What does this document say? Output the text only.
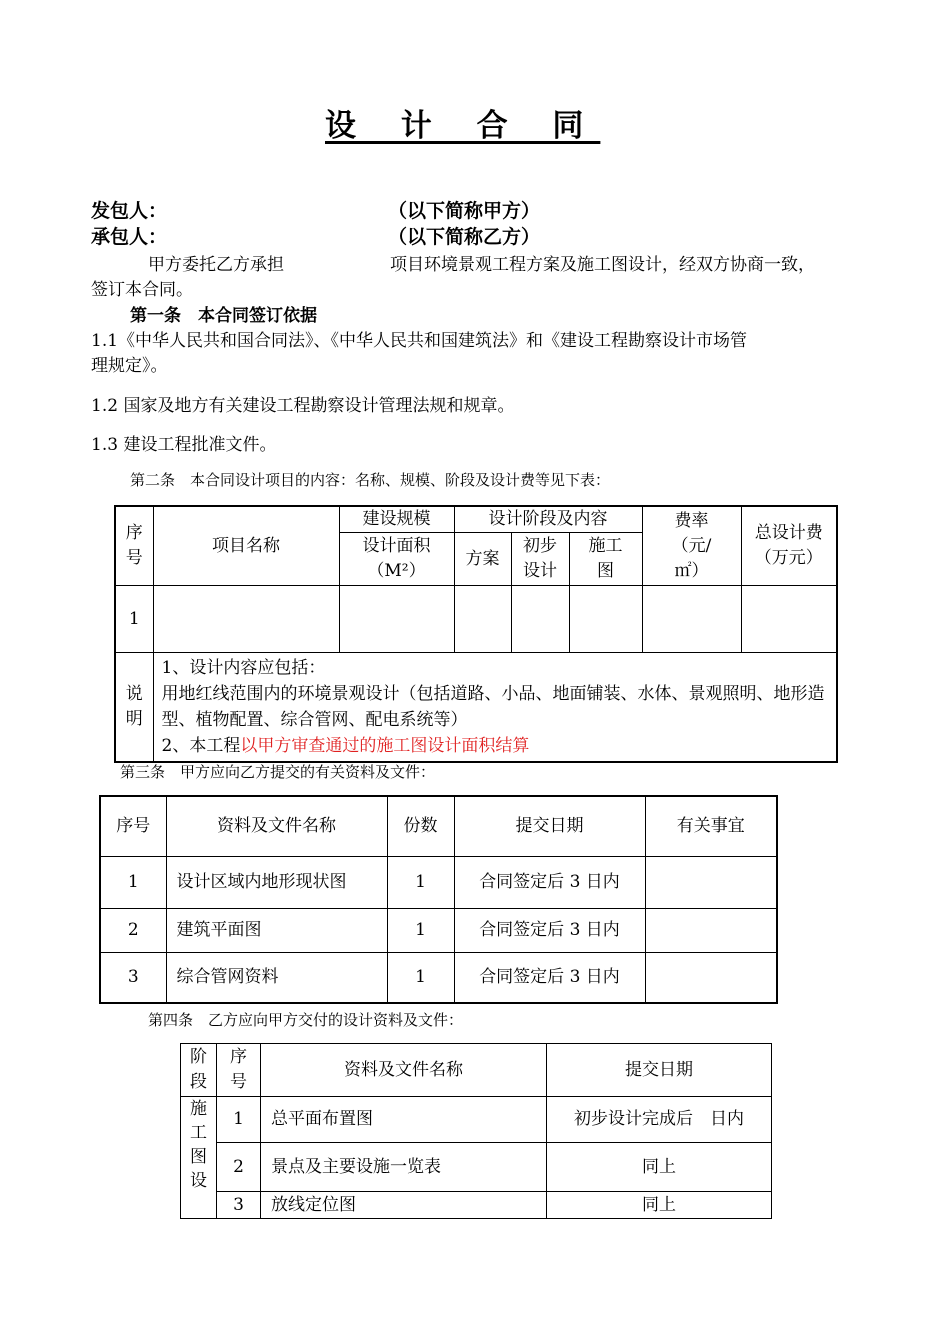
设 计 合 同
发包人：	（以下简称甲方）
承包人：	（以下简称乙方）
甲方委托乙方承担	项目环境景观工程方案及施工图设计，经双方协商一致，
签订本合同。
第一条　本合同签订依据
1.1《中华人民共和国合同法》、《中华人民共和国建筑法》和《建设工程勘察设计市场管
理规定》。
1.2 国家及地方有关建设工程勘察设计管理法规和规章。
1.3 建设工程批准文件。
第二条　本合同设计项目的内容：名称、规模、阶段及设计费等见下表：
序号	项目名称	建设规模	设计阶段及内容			费率（元/㎡）	总设计费（万元）

		设计面积（M²）	方案	初步设计	施工图		

1							

说明	1、设计内容应包括：
用地红线范围内的环境景观设计（包括道路、小品、地面铺装、水体、景观照明、地形造型、植物配置、综合管网、配电系统等）
2、本工程以甲方审查通过的施工图设计面积结算						
第三条　甲方应向乙方提交的有关资料及文件：
序号	资料及文件名称	份数	提交日期	有关事宜
1	设计区域内地形现状图	1	合同签定后 3 日内	
2	建筑平面图	1	合同签定后 3 日内	
3	综合管网资料	1	合同签定后 3 日内	
第四条　乙方应向甲方交付的设计资料及文件：
阶段	序号	资料及文件名称	提交日期

施工图设	1	总平面布置图	初步设计完成后　日内
	2	景点及主要设施一览表	同上
	3	放线定位图	同上
